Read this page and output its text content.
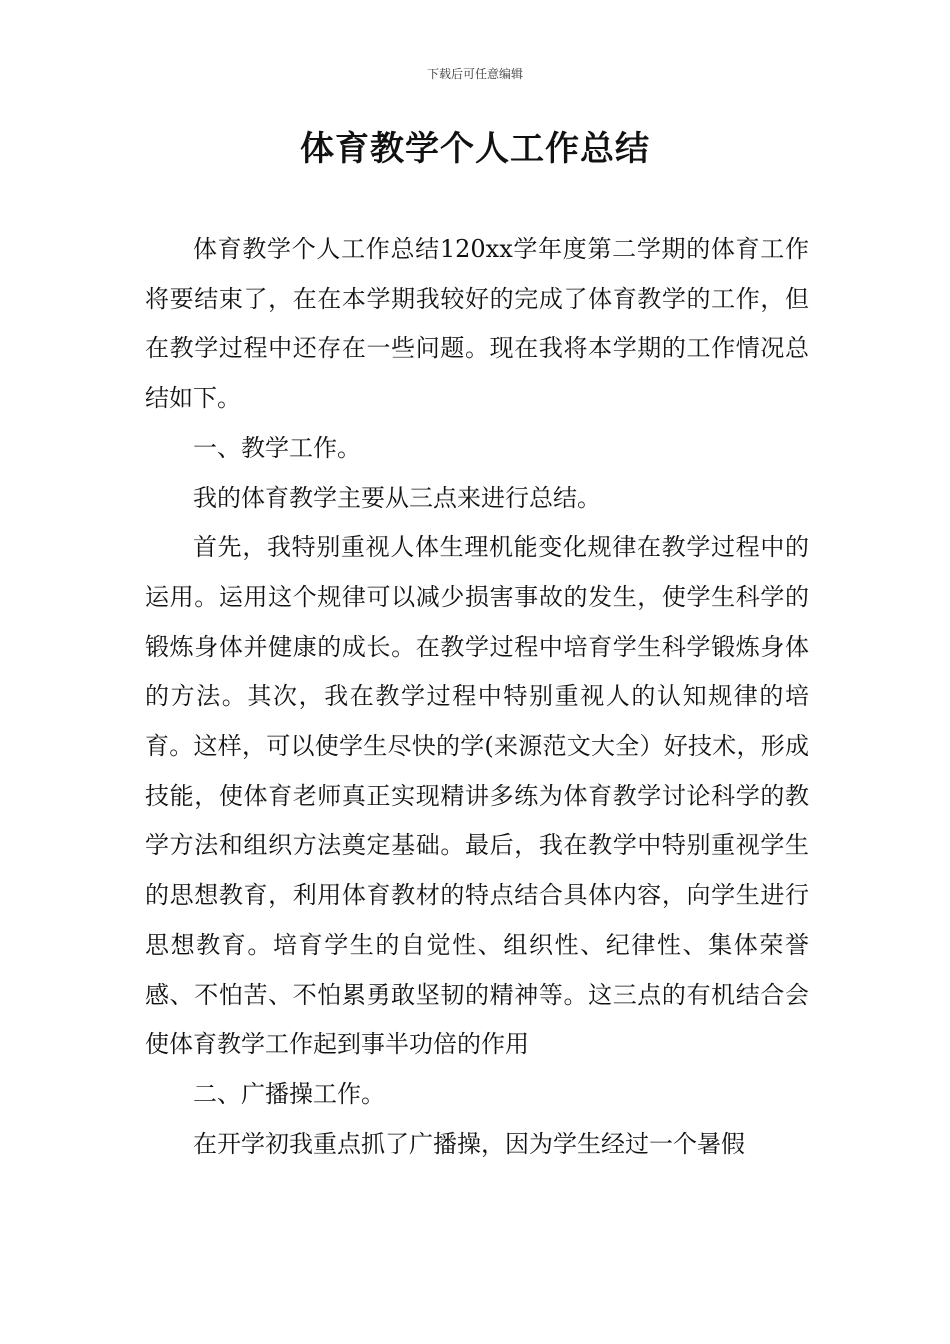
下载后可任意编辑
体育教学个人工作总结

体育教学个人工作总结120xx学年度第二学期的体育工作将要结束了，在在本学期我较好的完成了体育教学的工作，但在教学过程中还存在一些问题。现在我将本学期的工作情况总结如下。

一、教学工作。

我的体育教学主要从三点来进行总结。

首先，我特别重视人体生理机能变化规律在教学过程中的运用。运用这个规律可以减少损害事故的发生，使学生科学的锻炼身体并健康的成长。在教学过程中培育学生科学锻炼身体的方法。其次，我在教学过程中特别重视人的认知规律的培育。这样，可以使学生尽快的学(来源范文大全）好技术，形成技能，使体育老师真正实现精讲多练为体育教学讨论科学的教学方法和组织方法奠定基础。最后，我在教学中特别重视学生的思想教育，利用体育教材的特点结合具体内容，向学生进行思想教育。培育学生的自觉性、组织性、纪律性、集体荣誉感、不怕苦、不怕累勇敢坚韧的精神等。这三点的有机结合会使体育教学工作起到事半功倍的作用

二、广播操工作。

在开学初我重点抓了广播操，因为学生经过一个暑假
